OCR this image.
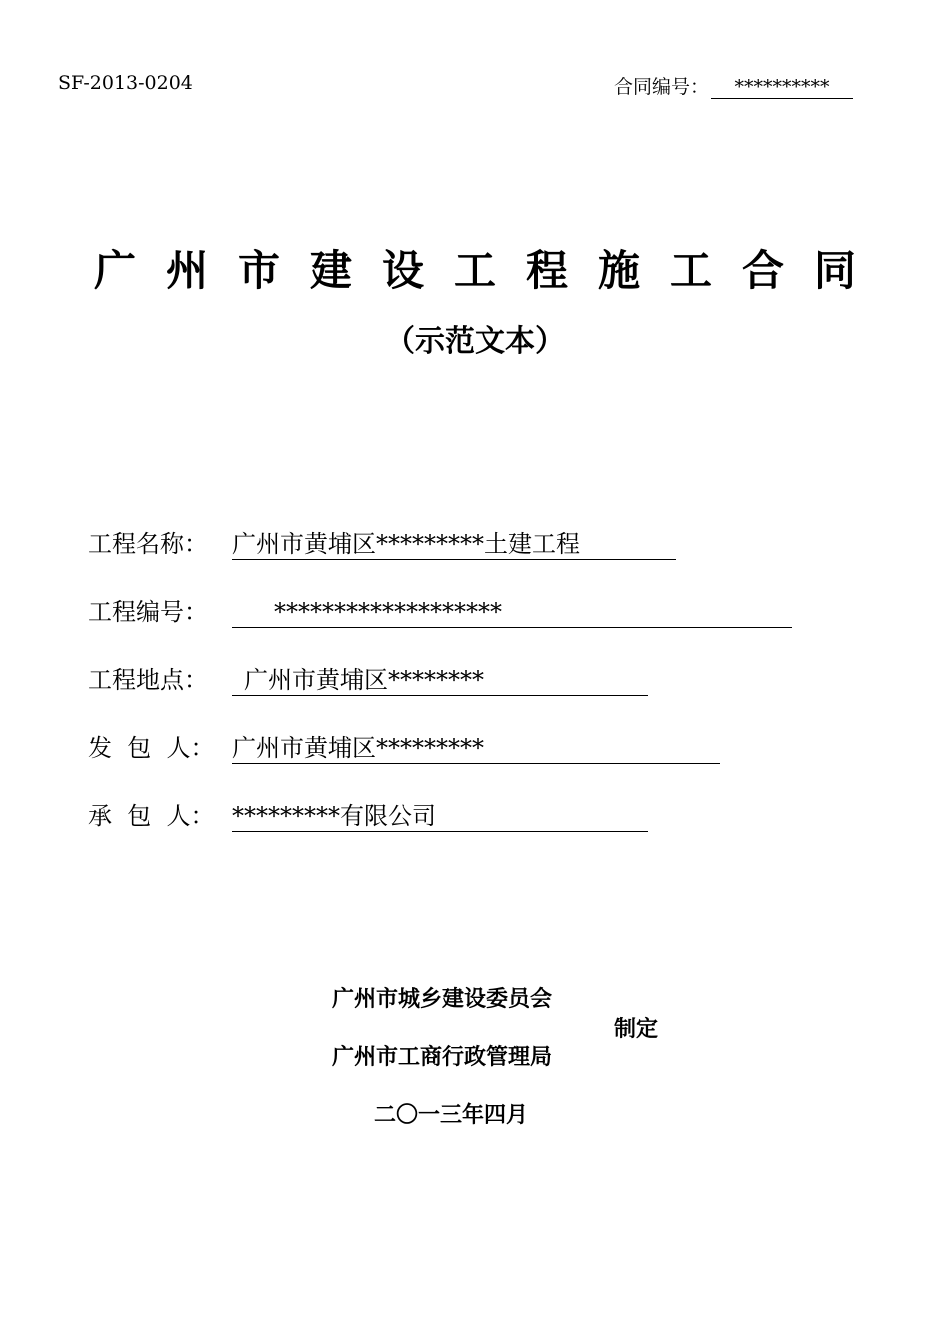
SF-2013-0204	合同编号： **********
广州市建设工程施工合同
（示范文本）
工程名称： 广州市黄埔区*********土建工程
工程编号：	*******************
工程地点： 广州市黄埔区********
发  包  人： 广州市黄埔区*********
承  包  人： *********有限公司
广州市城乡建设委员会
制定
广州市工商行政管理局
二〇一三年四月
